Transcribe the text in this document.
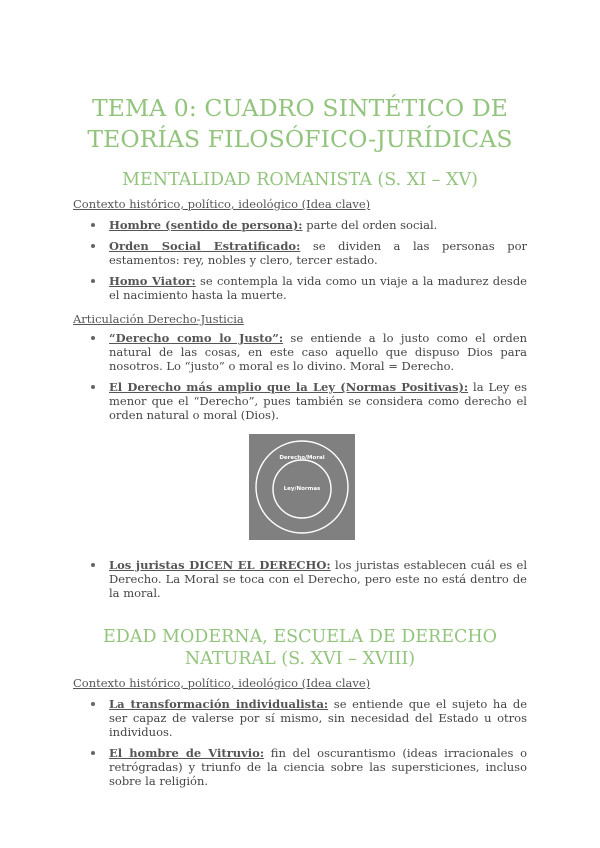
TEMA 0: CUADRO SINTÉTICO DE
TEORÍAS FILOSÓFICO-JURÍDICAS
MENTALIDAD ROMANISTA (S. XI – XV)

Contexto histórico, político, ideológico (Idea clave)

Hombre (sentido de persona): parte del orden social.
Orden Social Estratificado: se dividen a las personas por estamentos: rey, nobles y clero, tercer estado.
Homo Viator: se contempla la vida como un viaje a la madurez desde el nacimiento hasta la muerte.

Articulación Derecho-Justicia

“Derecho como lo Justo”: se entiende a lo justo como el orden natural de las cosas, en este caso aquello que dispuso Dios para nosotros. Lo “justo” o moral es lo divino. Moral = Derecho.
El Derecho más amplio que la Ley (Normas Positivas): la Ley es menor que el “Derecho”, pues también se considera como derecho el orden natural o moral (Dios).
Derecho/Moral
Ley/Normas
Los juristas DICEN EL DERECHO: los juristas establecen cuál es el Derecho. La Moral se toca con el Derecho, pero este no está dentro de la moral.
EDAD MODERNA, ESCUELA DE DERECHO
NATURAL (S. XVI – XVIII)

Contexto histórico, político, ideológico (Idea clave)

La transformación individualista: se entiende que el sujeto ha de ser capaz de valerse por sí mismo, sin necesidad del Estado u otros individuos.
El hombre de Vitruvio: fin del oscurantismo (ideas irracionales o retrógradas) y triunfo de la ciencia sobre las supersticiones, incluso sobre la religión.
